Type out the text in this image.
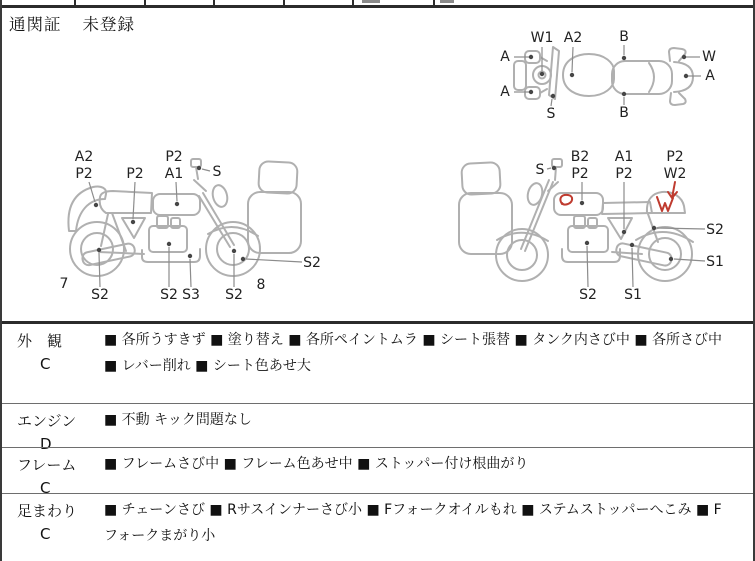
通関証 未登録
A
W1 A2	B
W
A
A
S	B
A2
P2 P2
P2
A1 S
7
S2	S2 S3 S2
8
S2
S
B2
P2
A1
P2
P2
W2
S2
S1
S2 S1
外　観
C
■ 各所うすきず ■ 塗り替え ■ 各所ペイントムラ ■ シート張替 ■ タンク内さび中 ■ 各所さび中 ■ レバー削れ ■ シート色あせ大
エンジン
D
■ 不動 キック問題なし
フレーム
C
■ フレームさび中 ■ フレーム色あせ中 ■ ストッパー付け根曲がり
足まわり
C
■ チェーンさび ■ Rサスインナーさび小 ■ Fフォークオイルもれ ■ ステムストッパーへこみ ■ Fフォークまがり小
